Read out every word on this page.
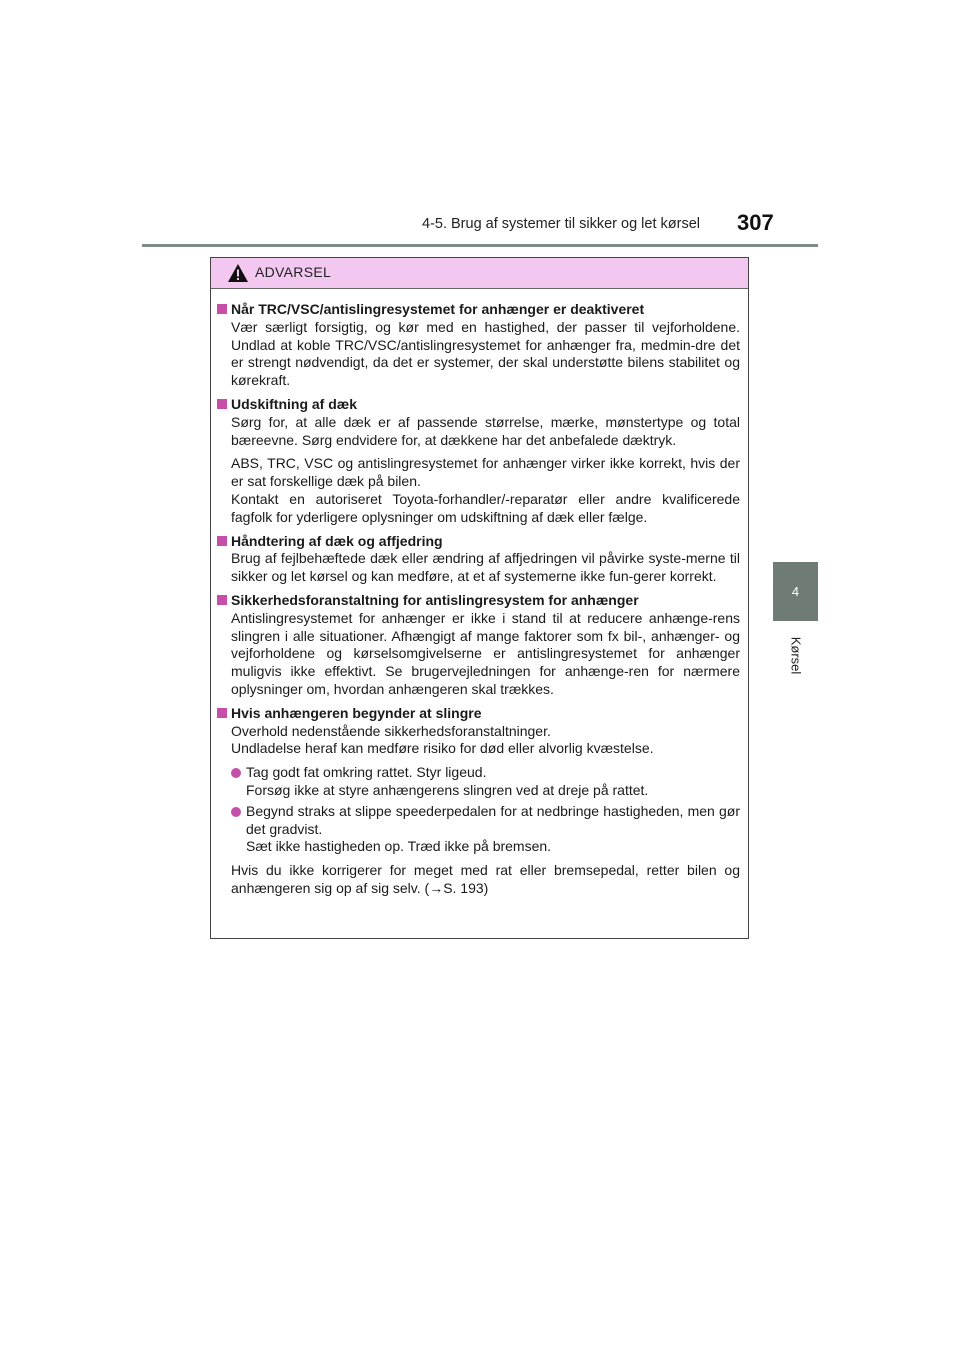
4-5. Brug af systemer til sikker og let kørsel 307
4
Kørsel
ADVARSEL
Når TRC/VSC/antislingresystemet for anhænger er deaktiveret
Vær særligt forsigtig, og kør med en hastighed, der passer til vejforholdene. Undlad at koble TRC/VSC/antislingresystemet for anhænger fra, medmin-dre det er strengt nødvendigt, da det er systemer, der skal understøtte bilens stabilitet og kørekraft.
Udskiftning af dæk
Sørg for, at alle dæk er af passende størrelse, mærke, mønstertype og total bæreevne. Sørg endvidere for, at dækkene har det anbefalede dæktryk.
ABS, TRC, VSC og antislingresystemet for anhænger virker ikke korrekt, hvis der er sat forskellige dæk på bilen.
Kontakt en autoriseret Toyota-forhandler/-reparatør eller andre kvalificerede fagfolk for yderligere oplysninger om udskiftning af dæk eller fælge.
Håndtering af dæk og affjedring
Brug af fejlbehæftede dæk eller ændring af affjedringen vil påvirke syste-merne til sikker og let kørsel og kan medføre, at et af systemerne ikke fun-gerer korrekt.
Sikkerhedsforanstaltning for antislingresystem for anhænger
Antislingresystemet for anhænger er ikke i stand til at reducere anhænge-rens slingren i alle situationer. Afhængigt af mange faktorer som fx bil-, anhænger- og vejforholdene og kørselsomgivelserne er antislingresystemet for anhænger muligvis ikke effektivt. Se brugervejledningen for anhænge-ren for nærmere oplysninger om, hvordan anhængeren skal trækkes.
Hvis anhængeren begynder at slingre
Overhold nedenstående sikkerhedsforanstaltninger.
Undladelse heraf kan medføre risiko for død eller alvorlig kvæstelse.
Tag godt fat omkring rattet. Styr ligeud.
Forsøg ikke at styre anhængerens slingren ved at dreje på rattet.
Begynd straks at slippe speederpedalen for at nedbringe hastigheden, men gør det gradvist.
Sæt ikke hastigheden op. Træd ikke på bremsen.
Hvis du ikke korrigerer for meget med rat eller bremsepedal, retter bilen og anhængeren sig op af sig selv. (→S. 193)
